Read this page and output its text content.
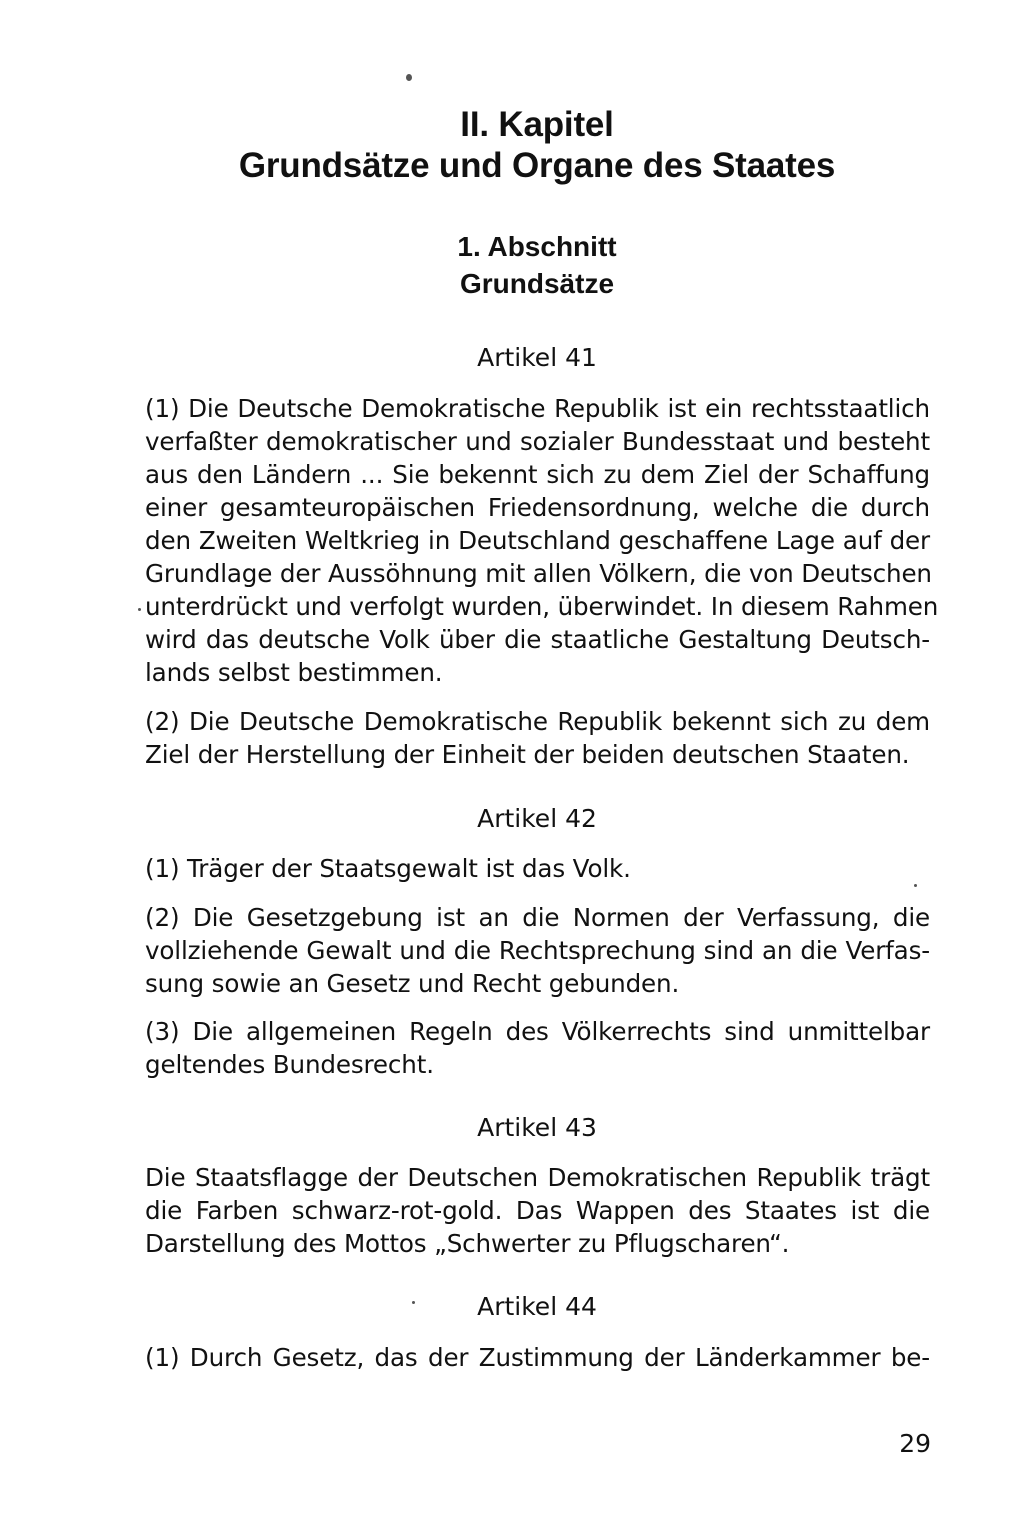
II. Kapitel
Grundsätze und Organe des Staates
1. Abschnitt
Grundsätze
Artikel 41
(1) Die Deutsche Demokratische Republik ist ein rechtsstaatlich
verfaßter demokratischer und sozialer Bundesstaat und besteht
aus den Ländern ... Sie bekennt sich zu dem Ziel der Schaffung
einer gesamteuropäischen Friedensordnung, welche die durch
den Zweiten Weltkrieg in Deutschland geschaffene Lage auf der
Grundlage der Aussöhnung mit allen Völkern, die von Deutschen
unterdrückt und verfolgt wurden, überwindet. In diesem Rahmen
wird das deutsche Volk über die staatliche Gestaltung Deutsch-
lands selbst bestimmen.
(2) Die Deutsche Demokratische Republik bekennt sich zu dem
Ziel der Herstellung der Einheit der beiden deutschen Staaten.
Artikel 42
(1) Träger der Staatsgewalt ist das Volk.
(2) Die Gesetzgebung ist an die Normen der Verfassung, die
vollziehende Gewalt und die Rechtsprechung sind an die Verfas-
sung sowie an Gesetz und Recht gebunden.
(3) Die allgemeinen Regeln des Völkerrechts sind unmittelbar
geltendes Bundesrecht.
Artikel 43
Die Staatsflagge der Deutschen Demokratischen Republik trägt
die Farben schwarz-rot-gold. Das Wappen des Staates ist die
Darstellung des Mottos „Schwerter zu Pflugscharen“.
Artikel 44
(1) Durch Gesetz, das der Zustimmung der Länderkammer be-
29
